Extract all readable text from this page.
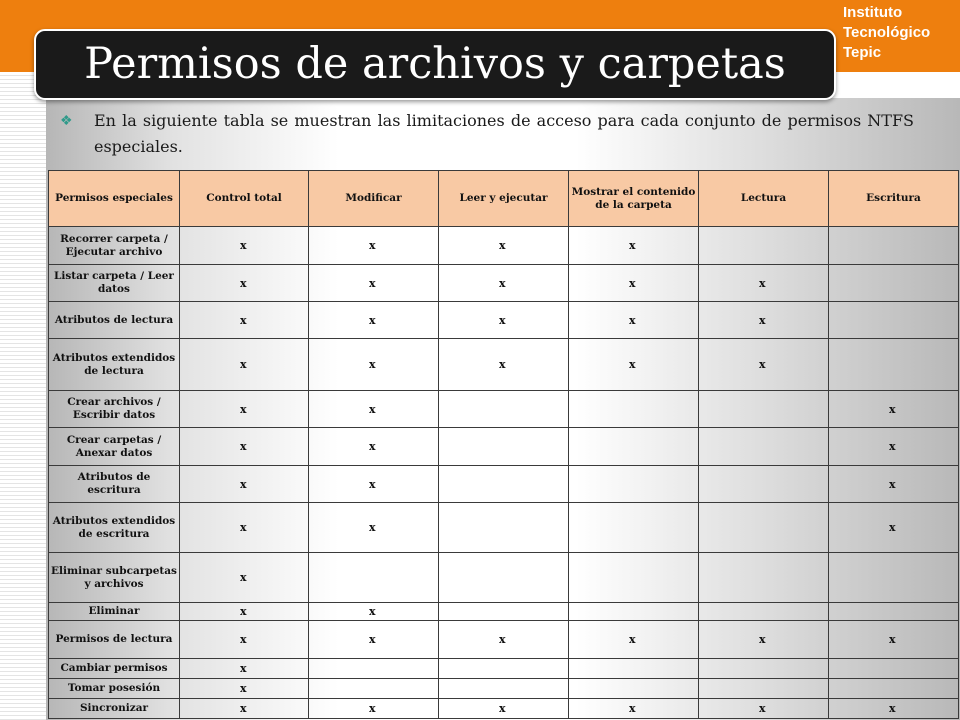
Instituto
Tecnológico
Tepic
Permisos de archivos y carpetas
❖ En la siguiente tabla se muestran las limitaciones de acceso para cada conjunto de permisos NTFS especiales.
Permisos especiales	Control total	Modificar	Leer y ejecutar	Mostrar el contenido de la carpeta	Lectura	Escritura
Recorrer carpeta / Ejecutar archivo	x	x	x	x		
Listar carpeta / Leer datos	x	x	x	x	x	
Atributos de lectura	x	x	x	x	x	
Atributos extendidos de lectura	x	x	x	x	x	
Crear archivos / Escribir datos	x	x				x
Crear carpetas / Anexar datos	x	x				x
Atributos de escritura	x	x				x
Atributos extendidos de escritura	x	x				x
Eliminar subcarpetas y archivos	x					
Eliminar	x	x				
Permisos de lectura	x	x	x	x	x	x
Cambiar permisos	x					
Tomar posesión	x					
Sincronizar	x	x	x	x	x	x
